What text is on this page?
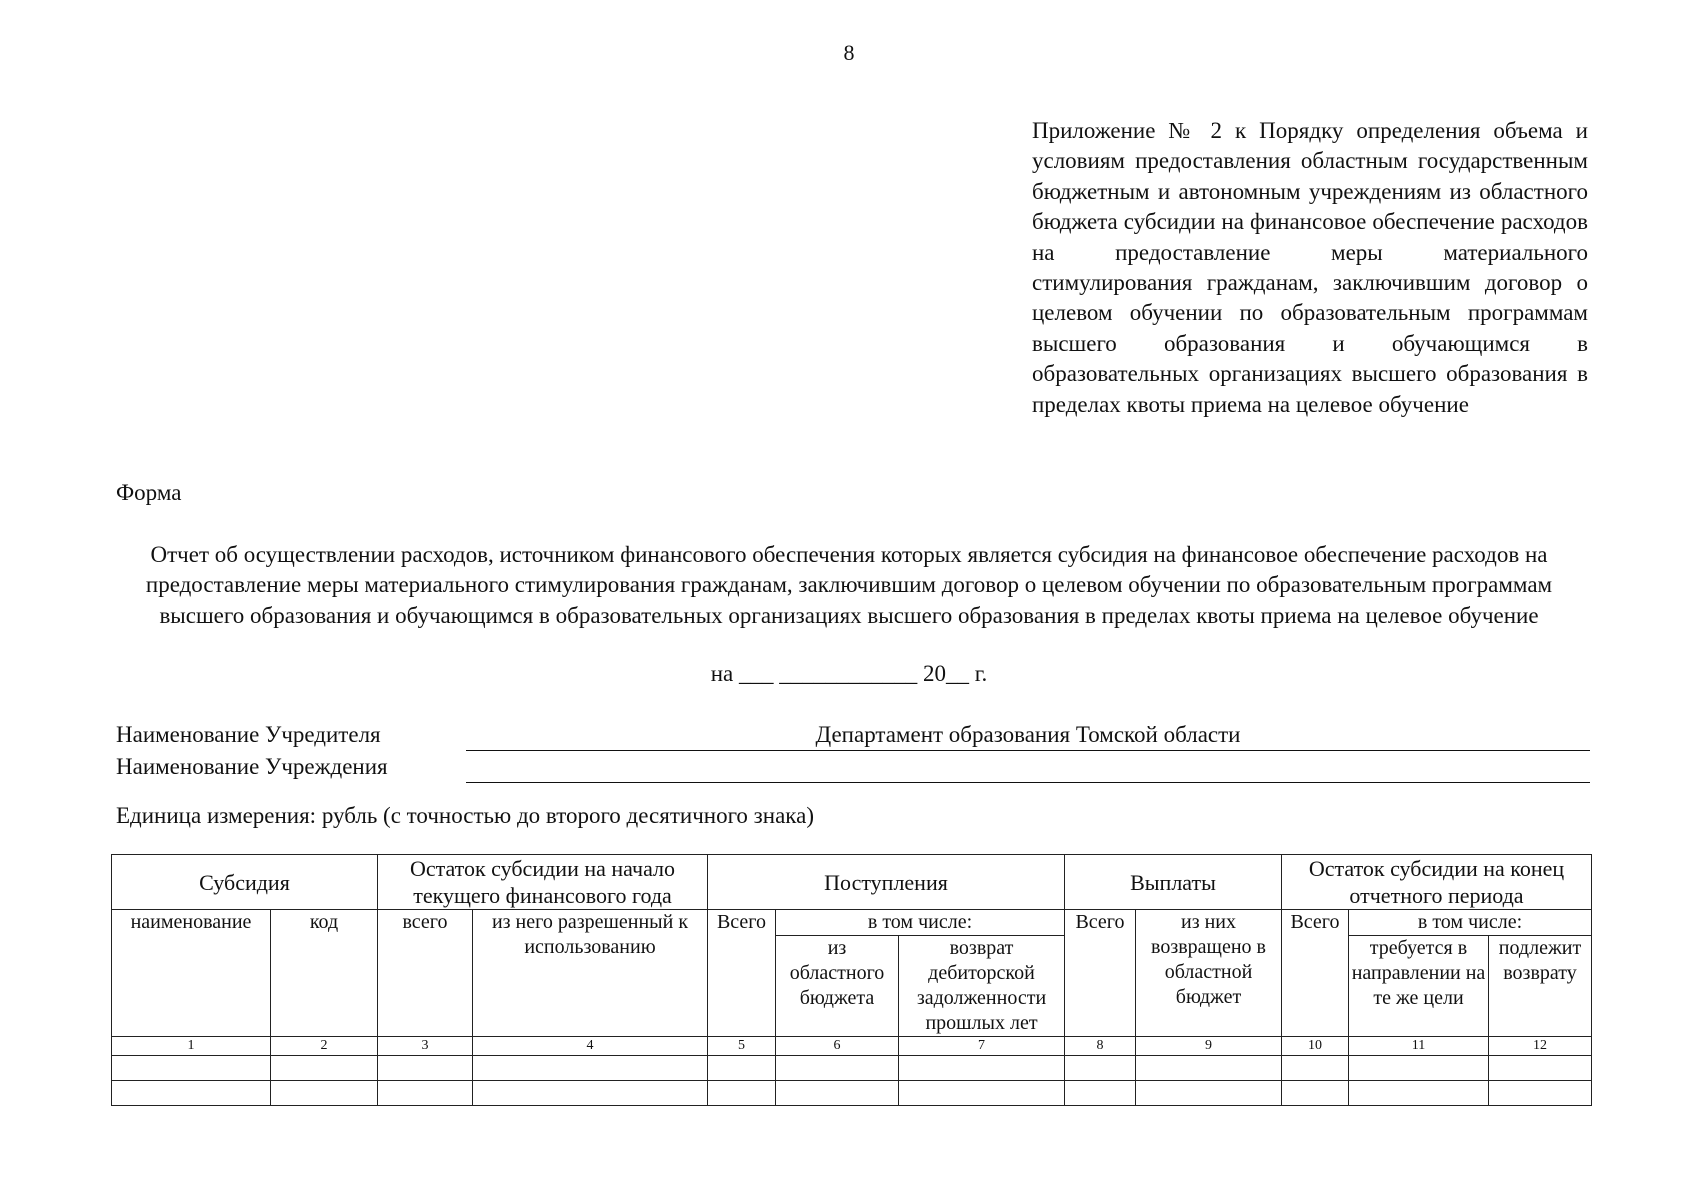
8
Приложение № 2 к Порядку определения объема и условиям предоставления областным государственным бюджетным и автономным учреждениям из областного бюджета субсидии на финансовое обеспечение расходов на предоставление меры материального стимулирования гражданам, заключившим договор о целевом обучении по образовательным программам высшего образования и обучающимся в образовательных организациях высшего образования в пределах квоты приема на целевое обучение
Форма
Отчет об осуществлении расходов, источником финансового обеспечения которых является субсидия на финансовое обеспечение расходов на предоставление меры материального стимулирования гражданам, заключившим договор о целевом обучении по образовательным программам высшего образования и обучающимся в образовательных организациях высшего образования в пределах квоты приема на целевое обучение
на ___ ____________ 20__ г.
Наименование Учредителя	Департамент образования Томской области
Наименование Учреждения
Единица измерения: рубль (с точностью до второго десятичного знака)
Субсидия		Остаток субсидии на начало текущего финансового года		Поступления			Выплаты		Остаток субсидии на конец отчетного периода		
наименование	код	всего	из него разрешенный к использованию	Всего	в том числе:		Всего	из них возвращено в областной бюджет	Всего	в том числе:	
					из областного бюджета	возврат дебиторской задолженности прошлых лет				требуется в направлении на те же цели	подлежит возврату
1	2	3	4	5	6	7	8	9	10	11	12
